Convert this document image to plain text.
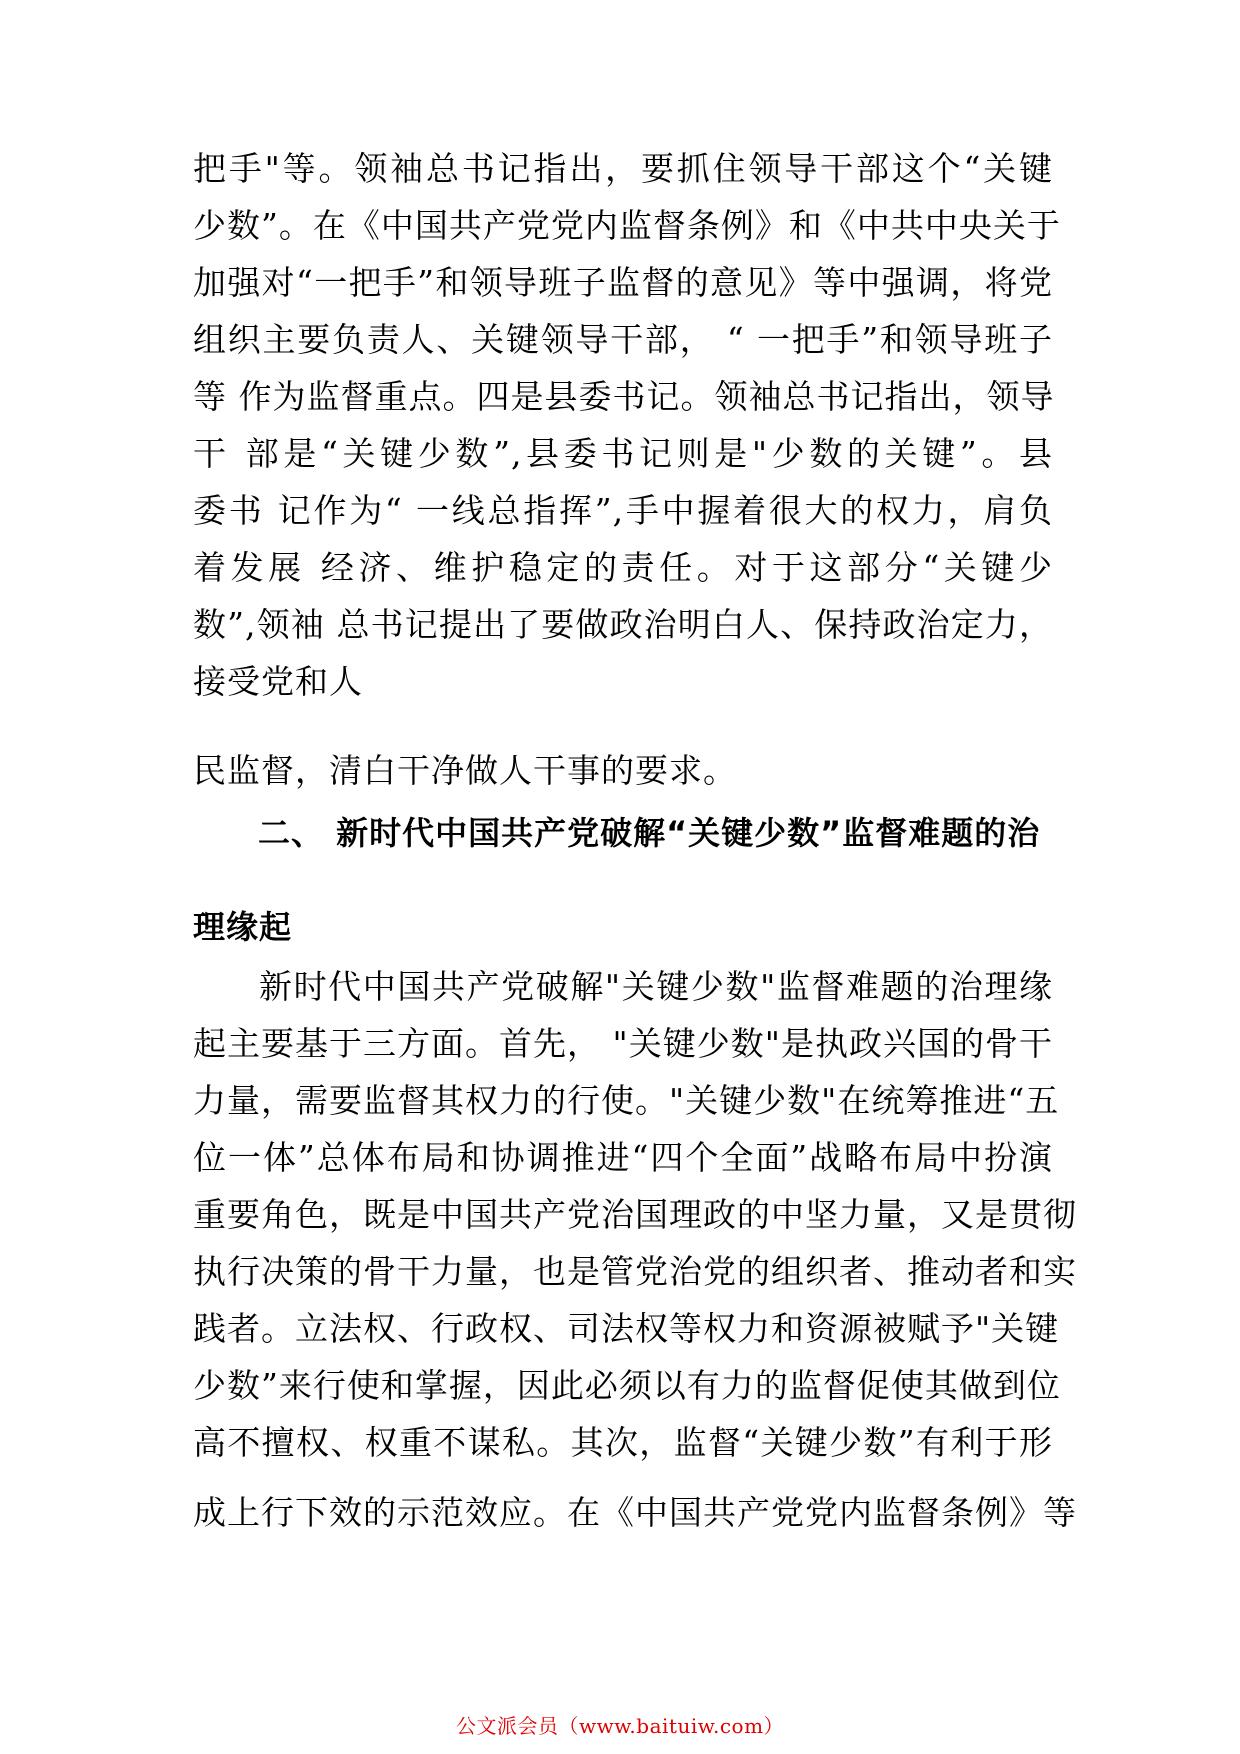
把手"等。领袖总书记指出，要抓住领导干部这个“关键
少数”。在《中国共产党党内监督条例》和《中共中央关于
加强对“一把手”和领导班子监督的意见》等中强调，将党
组织主要负责人、关键领导干部， “ 一把手”和领导班子
等 作为监督重点。四是县委书记。领袖总书记指出，领导
干 部是“关键少数”,县委书记则是"少数的关键”。县
委书 记作为“ 一线总指挥”,手中握着很大的权力，肩负
着发展 经济、维护稳定的责任。对于这部分“关键少
数”,领袖 总书记提出了要做政治明白人、保持政治定力，
接受党和人
民监督，清白干净做人干事的要求。
二、 新时代中国共产党破解“关键少数”监督难题的治
理缘起
新时代中国共产党破解"关键少数"监督难题的治理缘
起主要基于三方面。首先， "关键少数"是执政兴国的骨干
力量，需要监督其权力的行使。"关键少数"在统筹推进“五
位一体”总体布局和协调推进“四个全面”战略布局中扮演
重要角色，既是中国共产党治国理政的中坚力量，又是贯彻
执行决策的骨干力量，也是管党治党的组织者、推动者和实
践者。立法权、行政权、司法权等权力和资源被赋予"关键
少数”来行使和掌握，因此必须以有力的监督促使其做到位
高不擅权、权重不谋私。其次，监督“关键少数”有利于形
成上行下效的示范效应。在《中国共产党党内监督条例》等
公文派会员（www.baituiw.com）
